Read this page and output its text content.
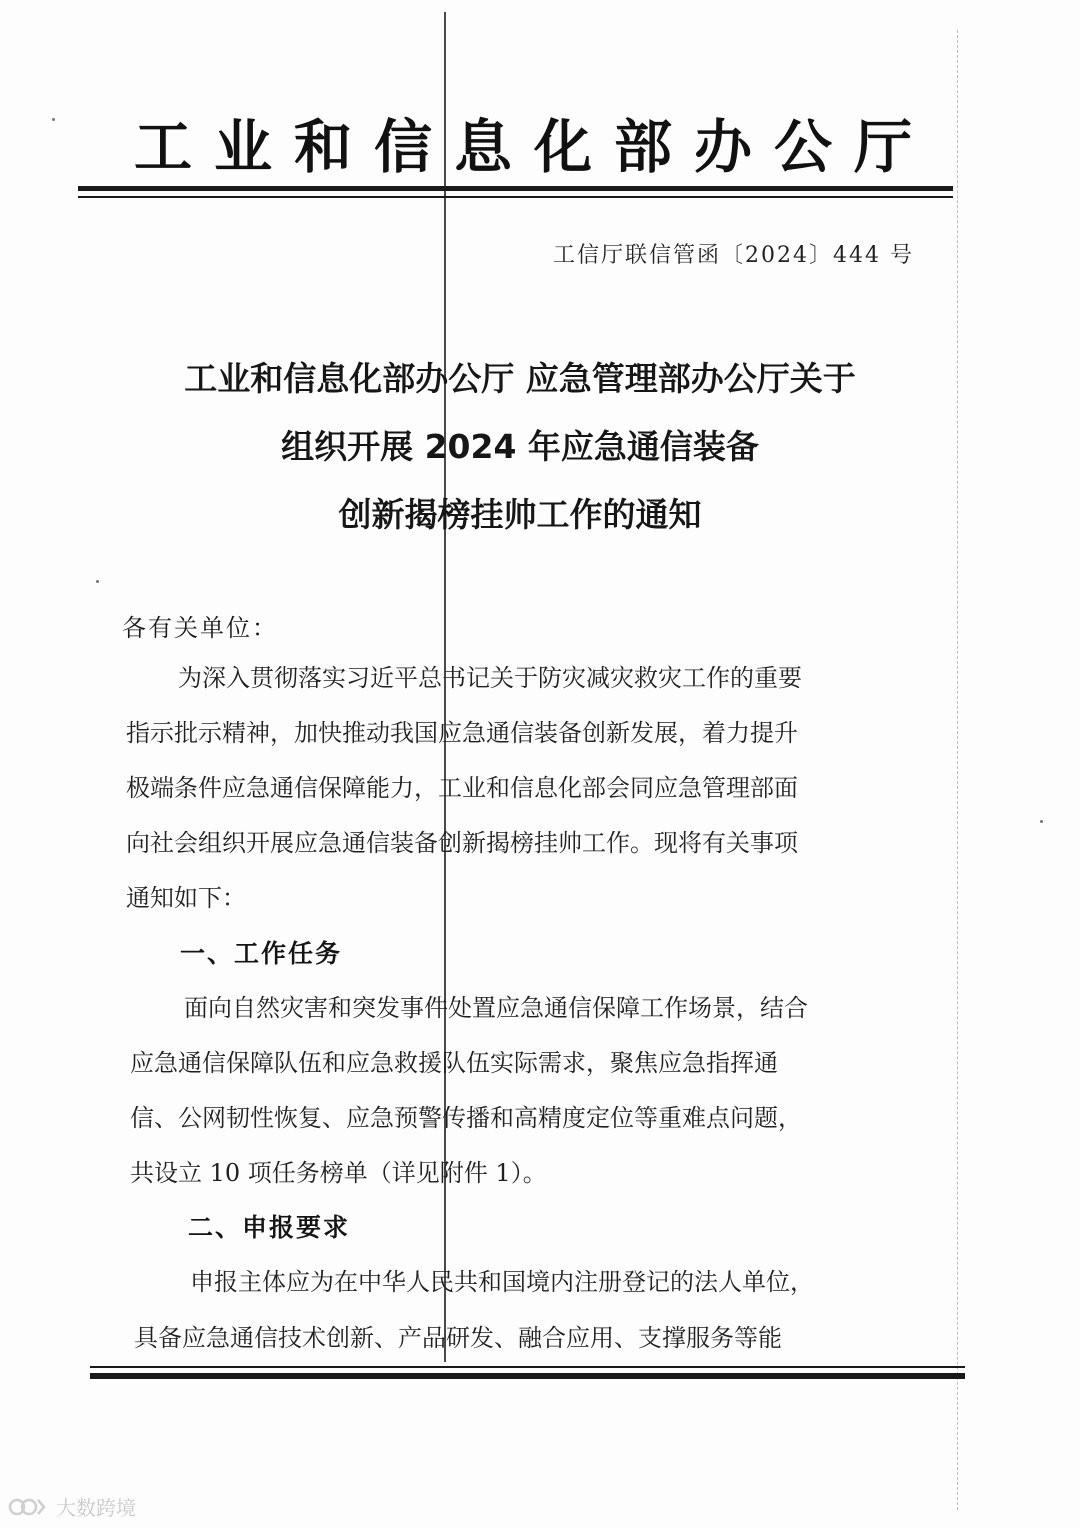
工业和信息化部办公厅
工信厅联信管函〔2024〕444 号
工业和信息化部办公厅 应急管理部办公厅关于
组织开展 2024 年应急通信装备
创新揭榜挂帅工作的通知
各有关单位：
为深入贯彻落实习近平总书记关于防灾减灾救灾工作的重要
指示批示精神，加快推动我国应急通信装备创新发展，着力提升
极端条件应急通信保障能力，工业和信息化部会同应急管理部面
向社会组织开展应急通信装备创新揭榜挂帅工作。现将有关事项
通知如下：
一、工作任务
面向自然灾害和突发事件处置应急通信保障工作场景，结合
应急通信保障队伍和应急救援队伍实际需求，聚焦应急指挥通
信、公网韧性恢复、应急预警传播和高精度定位等重难点问题，
共设立 10 项任务榜单（详见附件 1）。
二、申报要求
申报主体应为在中华人民共和国境内注册登记的法人单位，
具备应急通信技术创新、产品研发、融合应用、支撑服务等能
大数跨境
